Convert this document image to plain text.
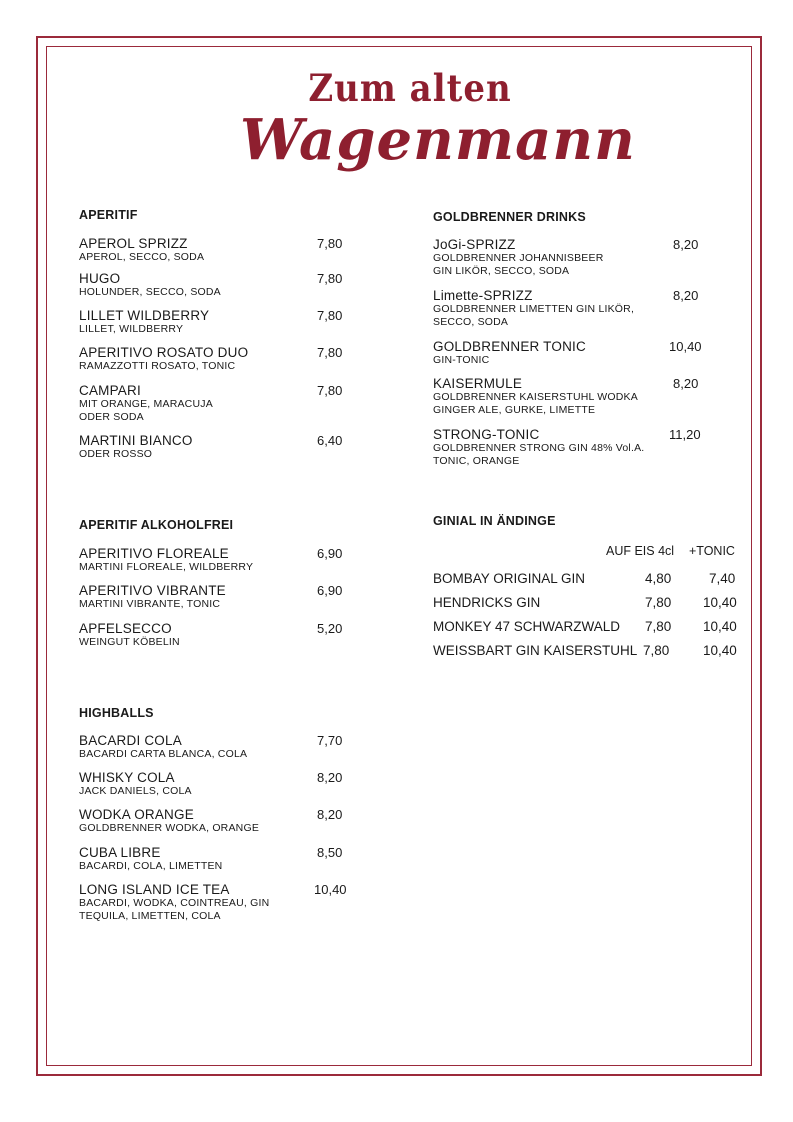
Zum alten
Wagenmann
APERITIF
APEROL SPRIZZ
APEROL, SECCO, SODA
7,80
HUGO
HOLUNDER, SECCO, SODA
7,80
LILLET WILDBERRY
LILLET, WILDBERRY
7,80
APERITIVO ROSATO DUO
RAMAZZOTTI ROSATO, TONIC
7,80
CAMPARI
MIT ORANGE, MARACUJA
ODER SODA
7,80
MARTINI BIANCO
ODER ROSSO
6,40
APERITIF ALKOHOLFREI
APERITIVO FLOREALE
MARTINI FLOREALE, WILDBERRY
6,90
APERITIVO VIBRANTE
MARTINI VIBRANTE, TONIC
6,90
APFELSECCO
WEINGUT KÖBELIN
5,20
HIGHBALLS
BACARDI COLA
BACARDI CARTA BLANCA, COLA
7,70
WHISKY COLA
JACK DANIELS, COLA
8,20
WODKA ORANGE
GOLDBRENNER WODKA, ORANGE
8,20
CUBA LIBRE
BACARDI, COLA, LIMETTEN
8,50
LONG ISLAND ICE TEA
BACARDI, WODKA, COINTREAU, GIN
TEQUILA, LIMETTEN, COLA
10,40
GOLDBRENNER DRINKS
JoGi-SPRIZZ
GOLDBRENNER JOHANNISBEER
GIN LIKÖR, SECCO, SODA
8,20
Limette-SPRIZZ
GOLDBRENNER LIMETTEN GIN LIKÖR,
SECCO, SODA
8,20
GOLDBRENNER TONIC
GIN-TONIC
10,40
KAISERMULE
GOLDBRENNER KAISERSTUHL WODKA
GINGER ALE, GURKE, LIMETTE
8,20
STRONG-TONIC
GOLDBRENNER STRONG GIN 48% Vol.A.
TONIC, ORANGE
11,20
GINIAL IN ÄNDINGE
AUF EIS 4cl +TONIC
BOMBAY ORIGINAL GIN	4,80	7,40
HENDRICKS GIN	7,80 10,40
MONKEY 47 SCHWARZWALD 7,80 10,40
WEISSBART GIN KAISERSTUHL 7,80 10,40
